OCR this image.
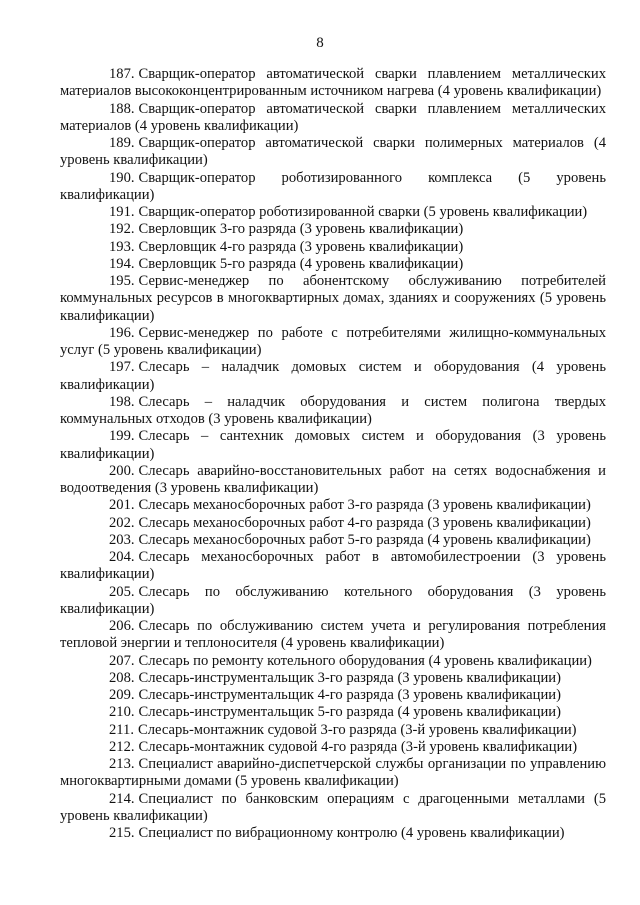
8

187. Сварщик-оператор автоматической сварки плавлением металлических материалов высококонцентрированным источником нагрева (4 уровень квалификации)

188. Сварщик-оператор автоматической сварки плавлением металлических материалов (4 уровень квалификации)

189. Сварщик-оператор автоматической сварки полимерных материалов (4 уровень квалификации)

190. Сварщик-оператор роботизированного комплекса (5 уровень квалификации)

191. Сварщик-оператор роботизированной сварки (5 уровень квалификации)

192. Сверловщик 3-го разряда (3 уровень квалификации)

193. Сверловщик 4-го разряда (3 уровень квалификации)

194. Сверловщик 5-го разряда (4 уровень квалификации)

195. Сервис-менеджер по абонентскому обслуживанию потребителей коммунальных ресурсов в многоквартирных домах, зданиях и сооружениях (5 уровень квалификации)

196. Сервис-менеджер по работе с потребителями жилищно-коммунальных услуг (5 уровень квалификации)

197. Слесарь – наладчик домовых систем и оборудования (4 уровень квалификации)

198. Слесарь – наладчик оборудования и систем полигона твердых коммунальных отходов (3 уровень квалификации)

199. Слесарь – сантехник домовых систем и оборудования (3 уровень квалификации)

200. Слесарь аварийно-восстановительных работ на сетях водоснабжения и водоотведения (3 уровень квалификации)

201. Слесарь механосборочных работ 3-го разряда (3 уровень квалификации)

202. Слесарь механосборочных работ 4-го разряда (3 уровень квалификации)

203. Слесарь механосборочных работ 5-го разряда (4 уровень квалификации)

204. Слесарь механосборочных работ в автомобилестроении (3 уровень квалификации)

205. Слесарь по обслуживанию котельного оборудования (3 уровень квалификации)

206. Слесарь по обслуживанию систем учета и регулирования потребления тепловой энергии и теплоносителя (4 уровень квалификации)

207. Слесарь по ремонту котельного оборудования (4 уровень квалификации)

208. Слесарь-инструментальщик 3-го разряда (3 уровень квалификации)

209. Слесарь-инструментальщик 4-го разряда (3 уровень квалификации)

210. Слесарь-инструментальщик 5-го разряда (4 уровень квалификации)

211. Слесарь-монтажник судовой 3-го разряда (3-й уровень квалификации)

212. Слесарь-монтажник судовой 4-го разряда (3-й уровень квалификации)

213. Специалист аварийно-диспетчерской службы организации по управлению многоквартирными домами (5 уровень квалификации)

214. Специалист по банковским операциям с драгоценными металлами (5 уровень квалификации)

215. Специалист по вибрационному контролю (4 уровень квалификации)
